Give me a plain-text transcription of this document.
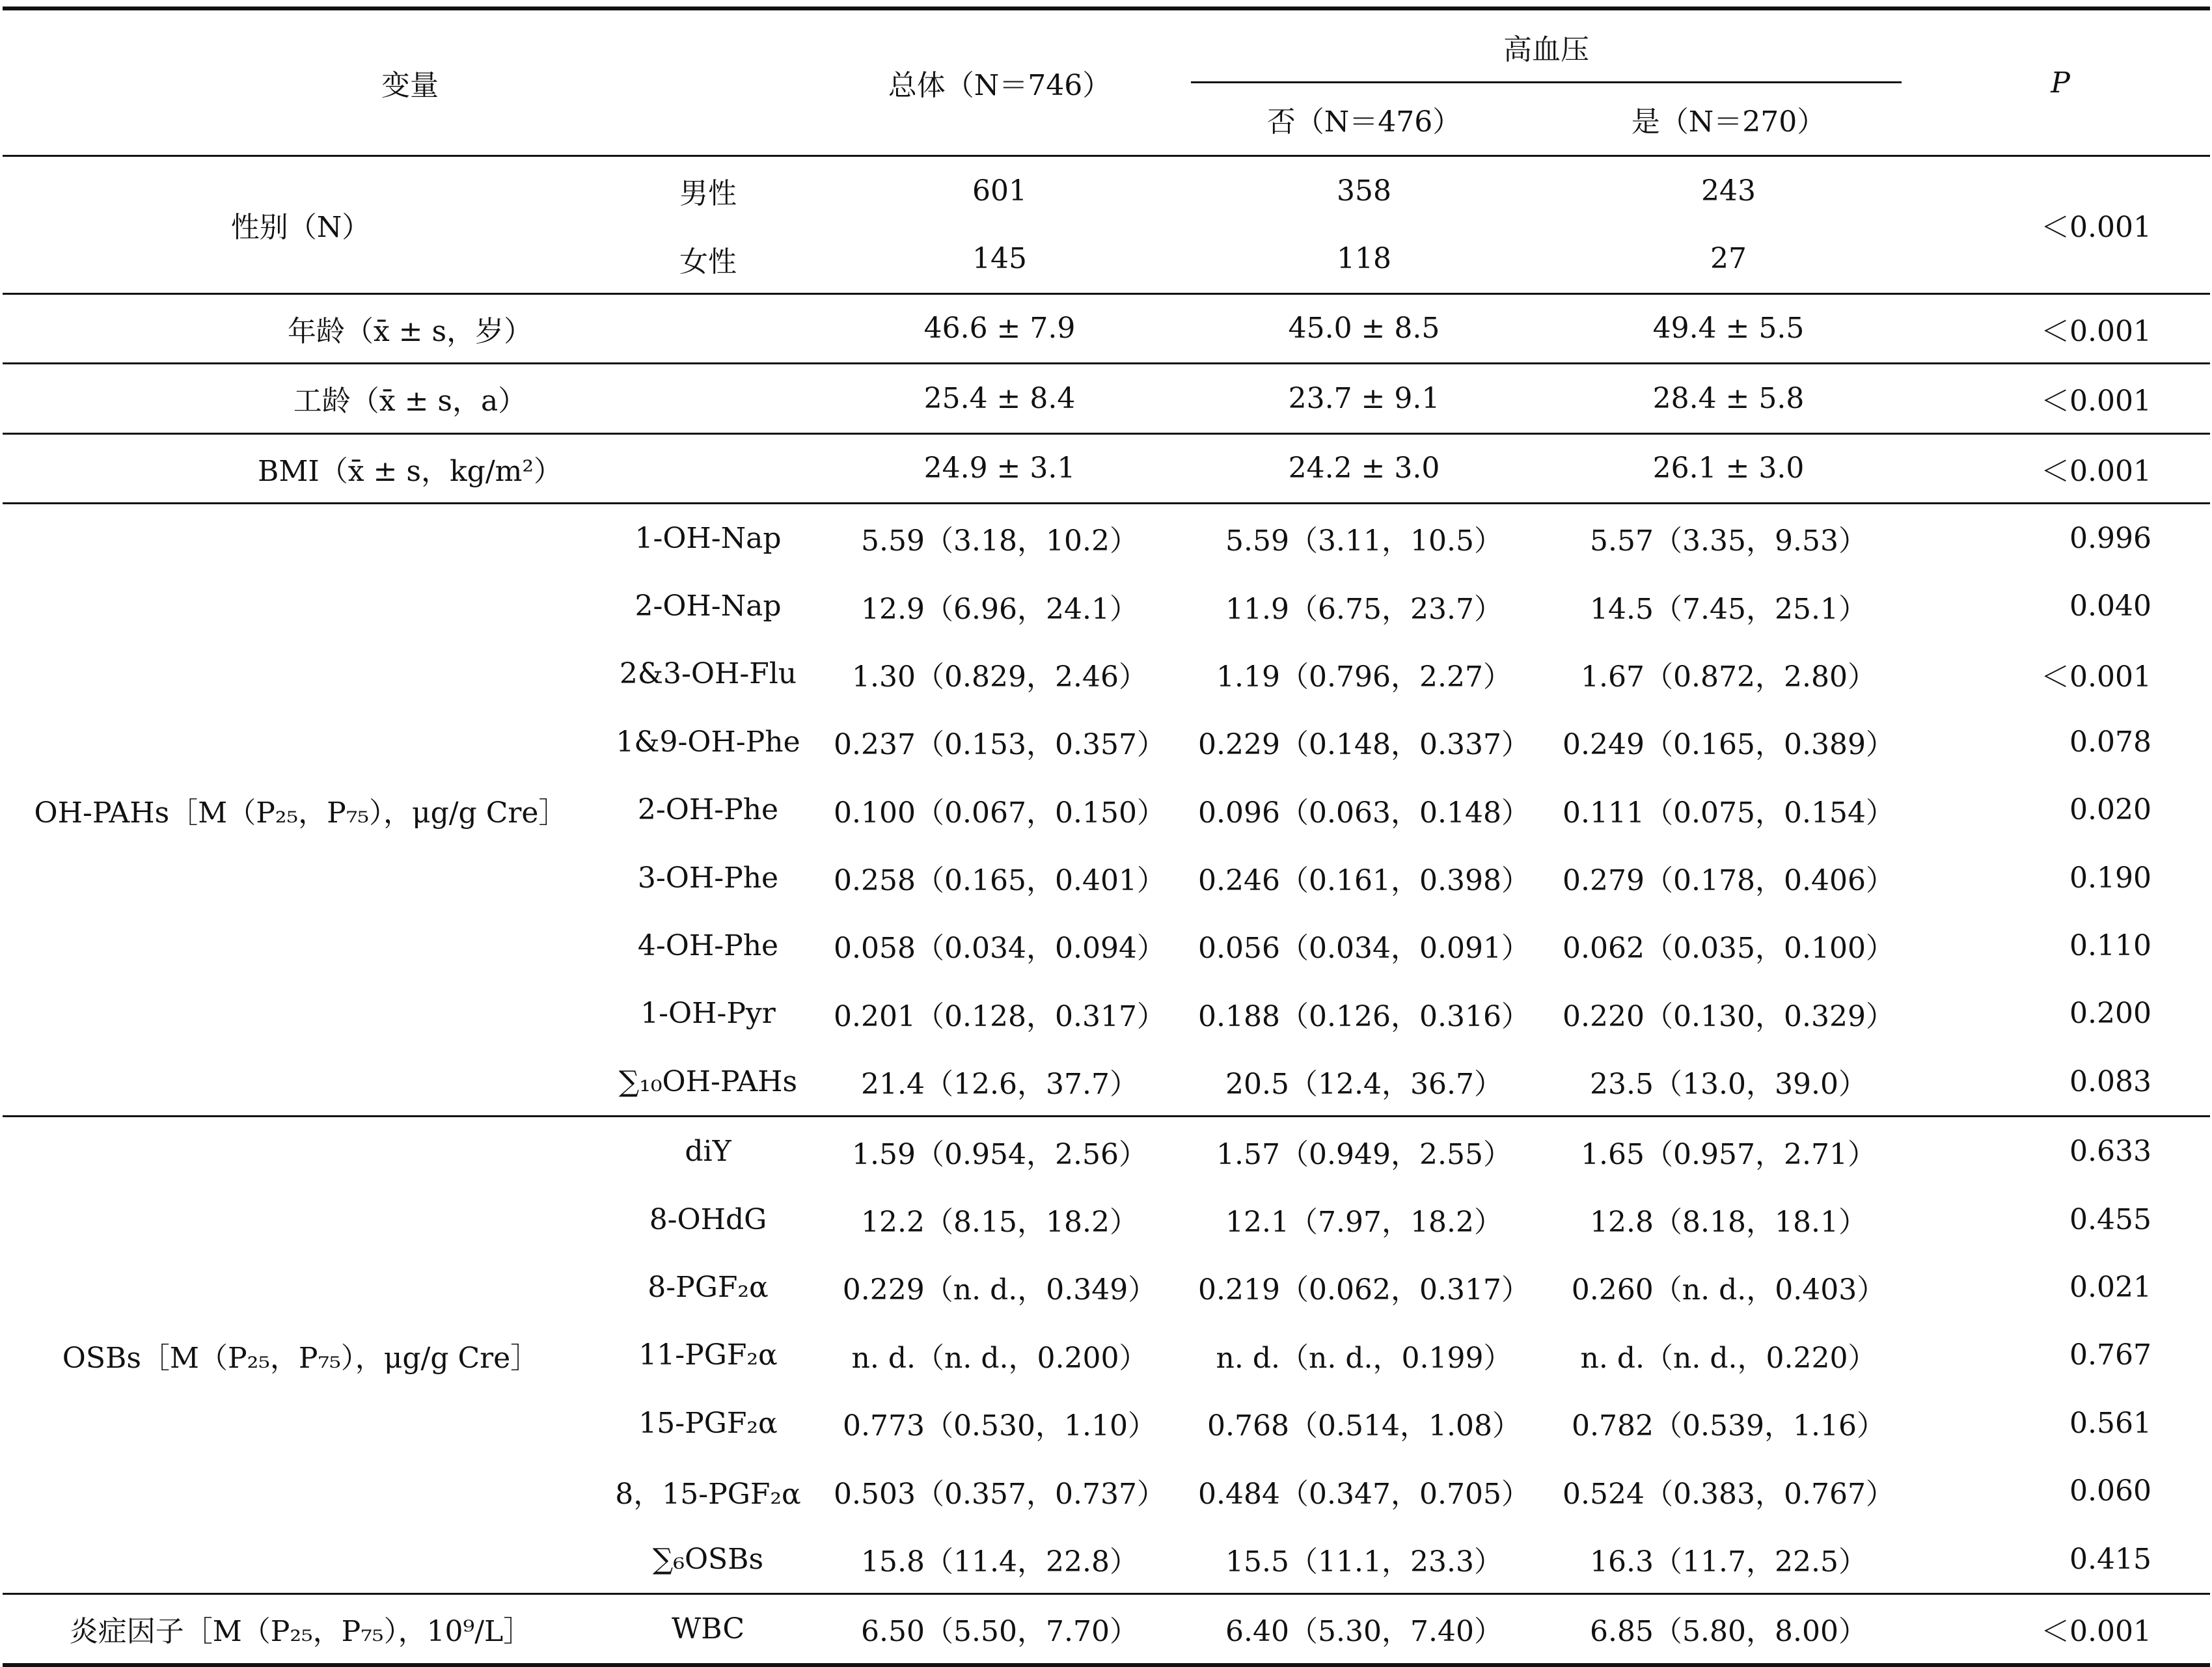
变量		总体（N＝746）	高血压		P
			否（N＝476）	是（N＝270）	
性别（N）	男性	601	358	243	＜0.001
	女性	145	118	27	
年龄（x̄ ± s，岁）		46.6 ± 7.9	45.0 ± 8.5	49.4 ± 5.5	＜0.001
工龄（x̄ ± s，a）		25.4 ± 8.4	23.7 ± 9.1	28.4 ± 5.8	＜0.001
BMI（x̄ ± s，kg/m²）		24.9 ± 3.1	24.2 ± 3.0	26.1 ± 3.0	＜0.001
OH-PAHs［M（P₂₅，P₇₅），μg/g Cre］	1-OH-Nap	5.59（3.18，10.2）	5.59（3.11，10.5）	5.57（3.35，9.53）	0.996
	2-OH-Nap	12.9（6.96，24.1）	11.9（6.75，23.7）	14.5（7.45，25.1）	0.040
	2&3-OH-Flu	1.30（0.829，2.46）	1.19（0.796，2.27）	1.67（0.872，2.80）	＜0.001
	1&9-OH-Phe	0.237（0.153，0.357）	0.229（0.148，0.337）	0.249（0.165，0.389）	0.078
	2-OH-Phe	0.100（0.067，0.150）	0.096（0.063，0.148）	0.111（0.075，0.154）	0.020
	3-OH-Phe	0.258（0.165，0.401）	0.246（0.161，0.398）	0.279（0.178，0.406）	0.190
	4-OH-Phe	0.058（0.034，0.094）	0.056（0.034，0.091）	0.062（0.035，0.100）	0.110
	1-OH-Pyr	0.201（0.128，0.317）	0.188（0.126，0.316）	0.220（0.130，0.329）	0.200
	∑₁₀OH-PAHs	21.4（12.6，37.7）	20.5（12.4，36.7）	23.5（13.0，39.0）	0.083
OSBs［M（P₂₅，P₇₅），μg/g Cre］	diY	1.59（0.954，2.56）	1.57（0.949，2.55）	1.65（0.957，2.71）	0.633
	8-OHdG	12.2（8.15，18.2）	12.1（7.97，18.2）	12.8（8.18，18.1）	0.455
	8-PGF₂α	0.229（n. d.，0.349）	0.219（0.062，0.317）	0.260（n. d.，0.403）	0.021
	11-PGF₂α	n. d.（n. d.，0.200）	n. d.（n. d.，0.199）	n. d.（n. d.，0.220）	0.767
	15-PGF₂α	0.773（0.530，1.10）	0.768（0.514，1.08）	0.782（0.539，1.16）	0.561
	8，15-PGF₂α	0.503（0.357，0.737）	0.484（0.347，0.705）	0.524（0.383，0.767）	0.060
	∑₆OSBs	15.8（11.4，22.8）	15.5（11.1，23.3）	16.3（11.7，22.5）	0.415
炎症因子［M（P₂₅，P₇₅），10⁹/L］	WBC	6.50（5.50，7.70）	6.40（5.30，7.40）	6.85（5.80，8.00）	＜0.001
